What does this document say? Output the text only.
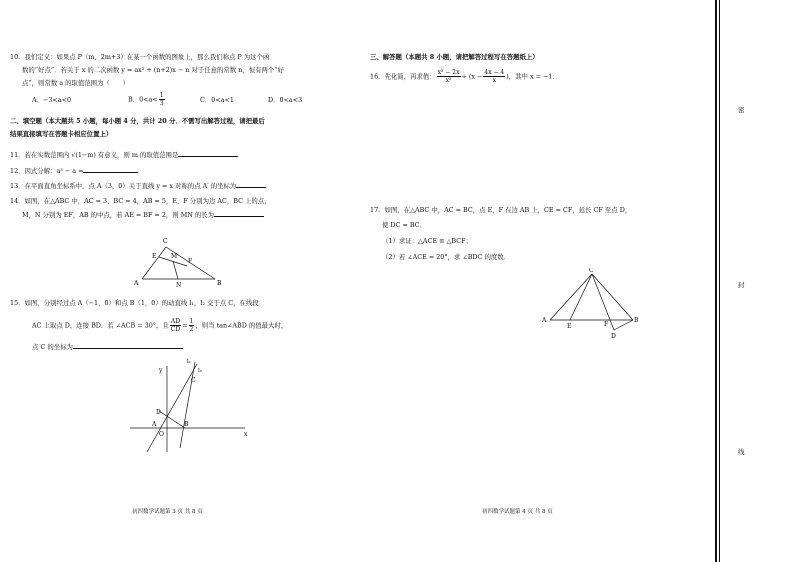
10．我们定义：如果点 P（m，2m+3）在某一个函数的图象上，那么我们称点 P 为这个函
数的“好点”．若关于 x 的二次函数 y = ax² + (n+2)x − n 对于任意的常数 n，恒有两个“好
点”，则常数 a 的取值范围为（　　）
A．−3<a<0	B．$0<a< \frac{1}{3}$	C．0<a<1	D．0<a<3
二、填空题（本大题共 5 小题，每小题 4 分，共计 20 分．不需写出解答过程，请把最后
结果直接填写在答题卡相应位置上）
11．若在实数范围内 √(1−m) 有意义，则 m 的取值范围是
12．因式分解：a³ − a =
13．在平面直角坐标系中，点 A（3，0）关于直线 y = x 对称的点 A′ 的坐标为
14．如图，在△ABC 中，AC = 3，BC = 4，AB = 5，E，F 分别为边 AC，BC 上的点，
M，N 分别为 EF，AB 的中点，若 AE = BF = 2，则 MN 的长为
C
E M
F
A	N	B
15．如图，分别经过点 A（−1，0）和点 B（1，0）的动直线 l₁，l₂ 交于点 C，在线段
AC 上取点 D，连接 BD．若 ∠ACB = 30°，且 $\frac{AD}{CD} = \frac{1}{2}$ ，则当 tan∠ABD 的值最大时，
点 C 的坐标为
x
y
O
A	B
C
D
l₁
l₂
初四数学试题第 3 页 共 8 页
三、解答题（本题共 8 小题，请把解答过程写在答题纸上）
16．先化简，再求值： $\frac{\text{x² − 2x}}{\text{x²}} \div (x - \frac{4x - 4}{x}$ )，其中 x = −1．
17．如图，在△ABC 中，AC = BC，点 E，F 在边 AB 上，CE = CF，延长 CF 至点 D，
使 DC = BC．
（1）求证：△ACE ≌ △BCF；
（2）若 ∠ACE = 20°，求 ∠BDC 的度数．
C
A
E	F
B
D
初四数学试题第 4 页 共 8 页
密
封
线
